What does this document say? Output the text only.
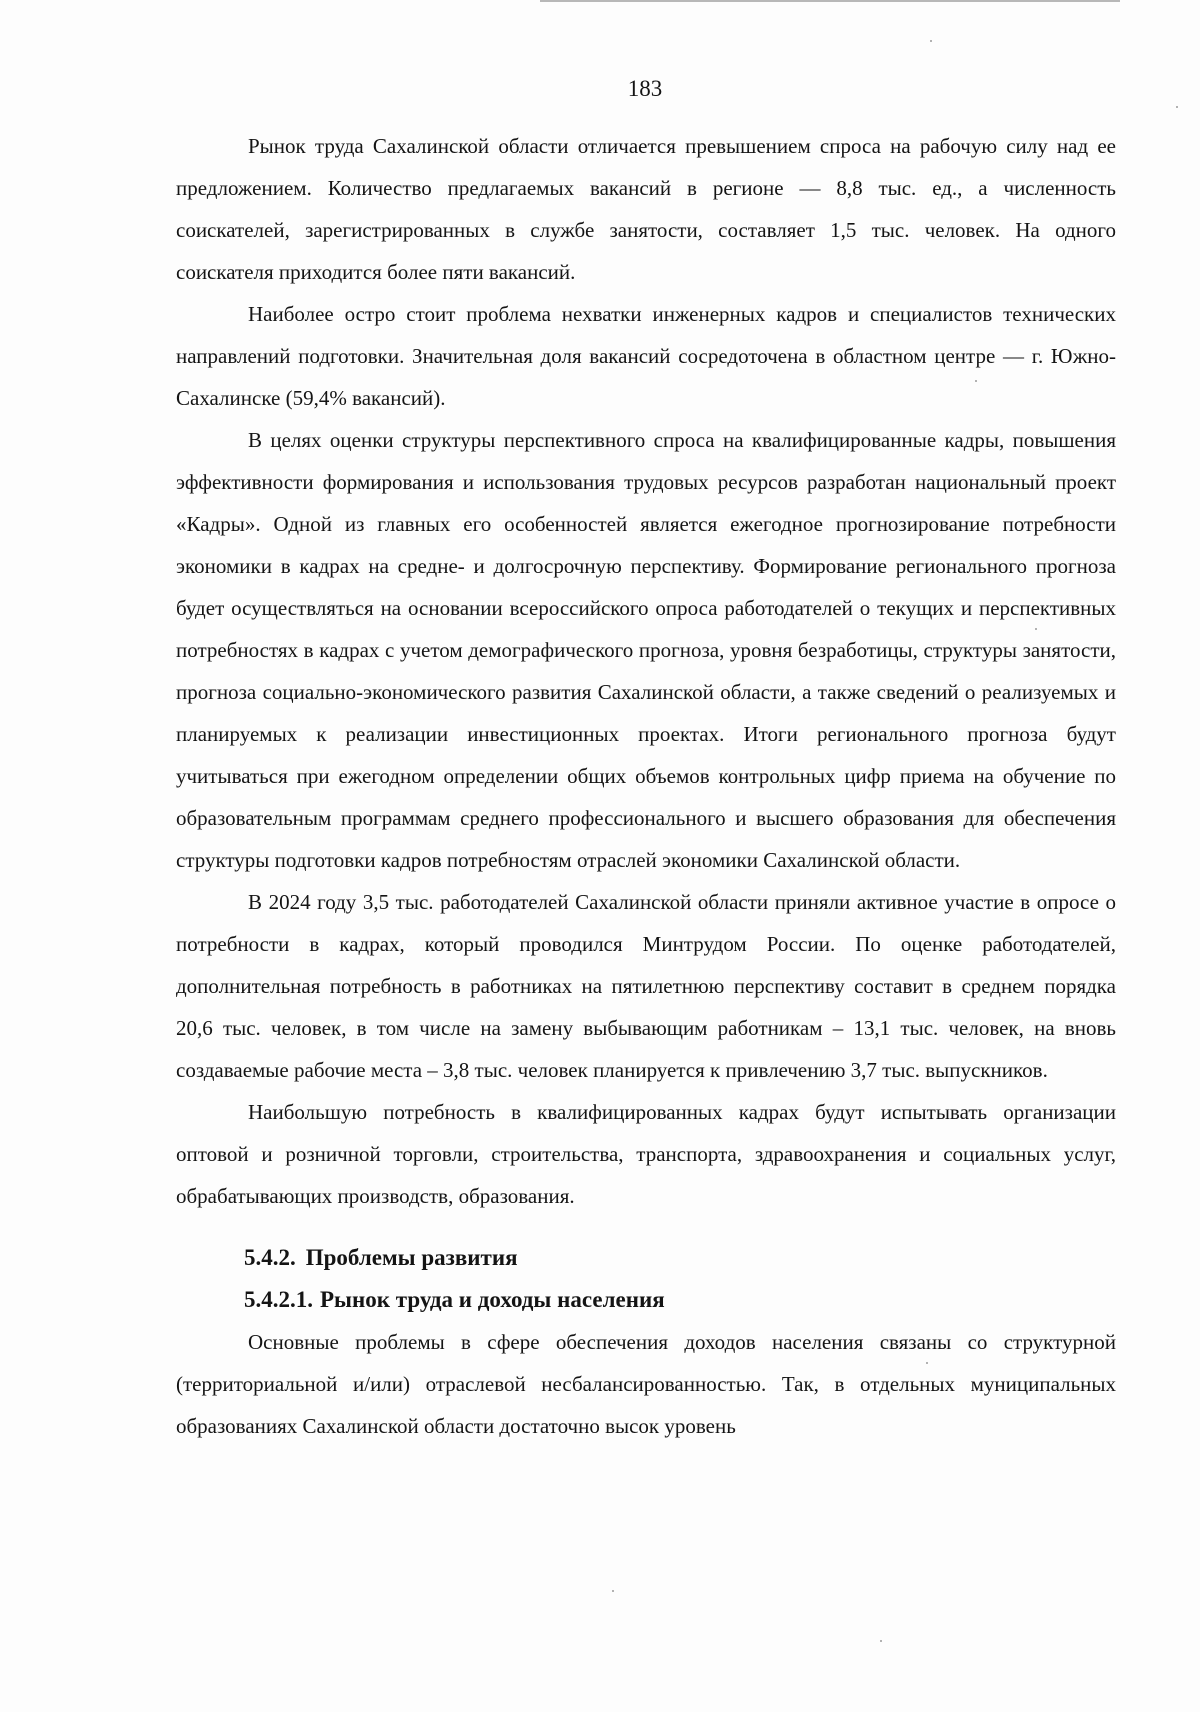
183

Рынок труда Сахалинской области отличается превышением спроса на рабочую силу над ее предложением. Количество предлагаемых вакансий в регионе — 8,8 тыс. ед., а численность соискателей, зарегистрированных в службе занятости, составляет 1,5 тыс. человек. На одного соискателя приходится более пяти вакансий.

Наиболее остро стоит проблема нехватки инженерных кадров и специалистов технических направлений подготовки. Значительная доля вакансий сосредоточена в областном центре — г. Южно-Сахалинске (59,4% вакансий).

В целях оценки структуры перспективного спроса на квалифицированные кадры, повышения эффективности формирования и использования трудовых ресурсов разработан национальный проект «Кадры». Одной из главных его особенностей является ежегодное прогнозирование потребности экономики в кадрах на средне- и долгосрочную перспективу. Формирование регионального прогноза будет осуществляться на основании всероссийского опроса работодателей о текущих и перспективных потребностях в кадрах с учетом демографического прогноза, уровня безработицы, структуры занятости, прогноза социально-экономического развития Сахалинской области, а также сведений о реализуемых и планируемых к реализации инвестиционных проектах. Итоги регионального прогноза будут учитываться при ежегодном определении общих объемов контрольных цифр приема на обучение по образовательным программам среднего профессионального и высшего образования для обеспечения структуры подготовки кадров потребностям отраслей экономики Сахалинской области.

В 2024 году 3,5 тыс. работодателей Сахалинской области приняли активное участие в опросе о потребности в кадрах, который проводился Минтрудом России. По оценке работодателей, дополнительная потребность в работниках на пятилетнюю перспективу составит в среднем порядка 20,6 тыс. человек, в том числе на замену выбывающим работникам – 13,1 тыс. человек, на вновь создаваемые рабочие места – 3,8 тыс. человек планируется к привлечению 3,7 тыс. выпускников.

Наибольшую потребность в квалифицированных кадрах будут испытывать организации оптовой и розничной торговли, строительства, транспорта, здравоохранения и социальных услуг, обрабатывающих производств, образования.

5.4.2. Проблемы развития
5.4.2.1. Рынок труда и доходы населения

Основные проблемы в сфере обеспечения доходов населения связаны со структурной (территориальной и/или) отраслевой несбалансированностью. Так, в отдельных муниципальных образованиях Сахалинской области достаточно высок уровень
